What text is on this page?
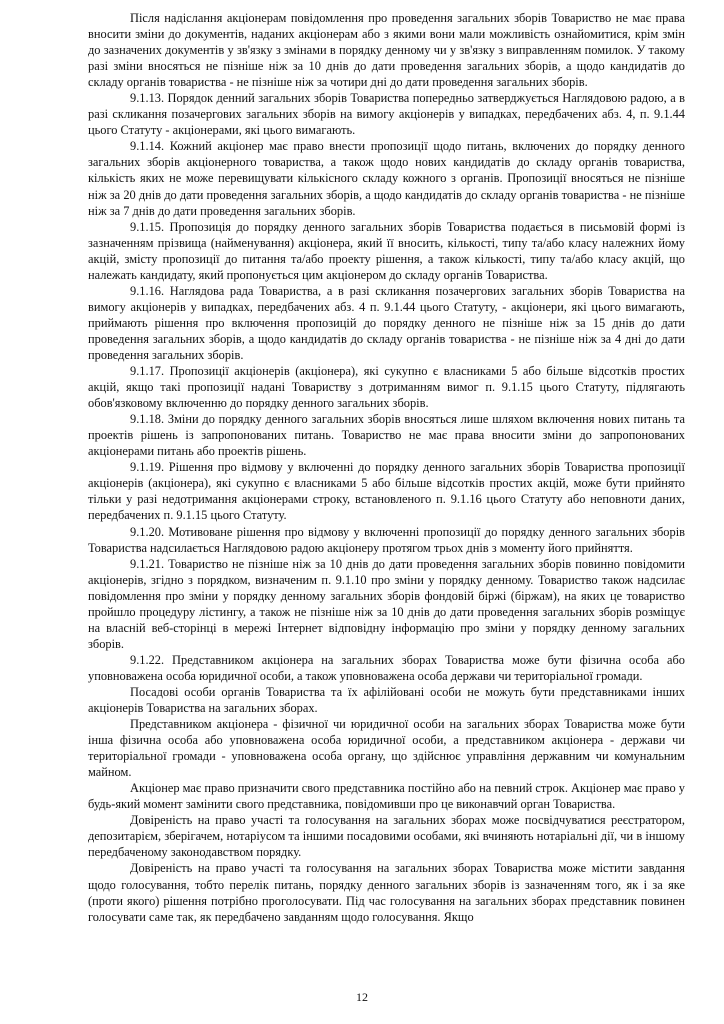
Після надіслання акціонерам повідомлення про проведення загальних зборів Товариство не має права вносити зміни до документів, наданих акціонерам або з якими вони мали можливість ознайомитися, крім змін до зазначених документів у зв'язку з змінами в порядку денному чи у зв'язку з виправленням помилок. У такому разі зміни вносяться не пізніше ніж за 10 днів до дати проведення загальних зборів, а щодо кандидатів до складу органів товариства - не пізніше ніж за чотири дні до дати проведення загальних зборів.

9.1.13. Порядок денний загальних зборів Товариства попередньо затверджується Наглядовою радою, а в разі скликання позачергових загальних зборів на вимогу акціонерів у випадках, передбачених абз. 4, п. 9.1.44 цього Статуту - акціонерами, які цього вимагають.

9.1.14. Кожний акціонер має право внести пропозиції щодо питань, включених до порядку денного загальних зборів акціонерного товариства, а також щодо нових кандидатів до складу органів товариства, кількість яких не може перевищувати кількісного складу кожного з органів. Пропозиції вносяться не пізніше ніж за 20 днів до дати проведення загальних зборів, а щодо кандидатів до складу органів товариства - не пізніше ніж за 7 днів до дати проведення загальних зборів.

9.1.15. Пропозиція до порядку денного загальних зборів Товариства подається в письмовій формі із зазначенням прізвища (найменування) акціонера, який її вносить, кількості, типу та/або класу належних йому акцій, змісту пропозиції до питання та/або проекту рішення, а також кількості, типу та/або класу акцій, що належать кандидату, який пропонується цим акціонером до складу органів Товариства.

9.1.16. Наглядова рада Товариства, а в разі скликання позачергових загальних зборів Товариства на вимогу акціонерів у випадках, передбачених абз. 4 п. 9.1.44 цього Статуту, - акціонери, які цього вимагають, приймають рішення про включення пропозицій до порядку денного не пізніше ніж за 15 днів до дати проведення загальних зборів, а щодо кандидатів до складу органів товариства - не пізніше ніж за 4 дні до дати проведення загальних зборів.

9.1.17. Пропозиції акціонерів (акціонера), які сукупно є власниками 5 або більше відсотків простих акцій, якщо такі пропозиції надані Товариству з дотриманням вимог п. 9.1.15 цього Статуту, підлягають обов'язковому включенню до порядку денного загальних зборів.

9.1.18. Зміни до порядку денного загальних зборів вносяться лише шляхом включення нових питань та проектів рішень із запропонованих питань. Товариство не має права вносити зміни до запропонованих акціонерами питань або проектів рішень.

9.1.19. Рішення про відмову у включенні до порядку денного загальних зборів Товариства пропозиції акціонерів (акціонера), які сукупно є власниками 5 або більше відсотків простих акцій, може бути прийнято тільки у разі недотримання акціонерами строку, встановленого п. 9.1.16 цього Статуту або неповноти даних, передбачених п. 9.1.15 цього Статуту.

9.1.20. Мотивоване рішення про відмову у включенні пропозиції до порядку денного загальних зборів Товариства надсилається Наглядовою радою акціонеру протягом трьох днів з моменту його прийняття.

9.1.21. Товариство не пізніше ніж за 10 днів до дати проведення загальних зборів повинно повідомити акціонерів, згідно з порядком, визначеним п. 9.1.10 про зміни у порядку денному. Товариство також надсилає повідомлення про зміни у порядку денному загальних зборів фондовій біржі (біржам), на яких це товариство пройшло процедуру лістингу, а також не пізніше ніж за 10 днів до дати проведення загальних зборів розміщує на власній веб-сторінці в мережі Інтернет відповідну інформацію про зміни у порядку денному загальних зборів.

9.1.22. Представником акціонера на загальних зборах Товариства може бути фізична особа або уповноважена особа юридичної особи, а також уповноважена особа держави чи територіальної громади.

Посадові особи органів Товариства та їх афілійовані особи не можуть бути представниками інших акціонерів Товариства на загальних зборах.

Представником акціонера - фізичної чи юридичної особи на загальних зборах Товариства може бути інша фізична особа або уповноважена особа юридичної особи, а представником акціонера - держави чи територіальної громади - уповноважена особа органу, що здійснює управління державним чи комунальним майном.

Акціонер має право призначити свого представника постійно або на певний строк. Акціонер має право у будь-який момент замінити свого представника, повідомивши про це виконавчий орган Товариства.

Довіреність на право участі та голосування на загальних зборах може посвідчуватися реєстратором, депозитарієм, зберігачем, нотаріусом та іншими посадовими особами, які вчиняють нотаріальні дії, чи в іншому передбаченому законодавством порядку.

Довіреність на право участі та голосування на загальних зборах Товариства може містити завдання щодо голосування, тобто перелік питань, порядку денного загальних зборів із зазначенням того, як і за яке (проти якого) рішення потрібно проголосувати. Під час голосування на загальних зборах представник повинен голосувати саме так, як передбачено завданням щодо голосування. Якщо

12
